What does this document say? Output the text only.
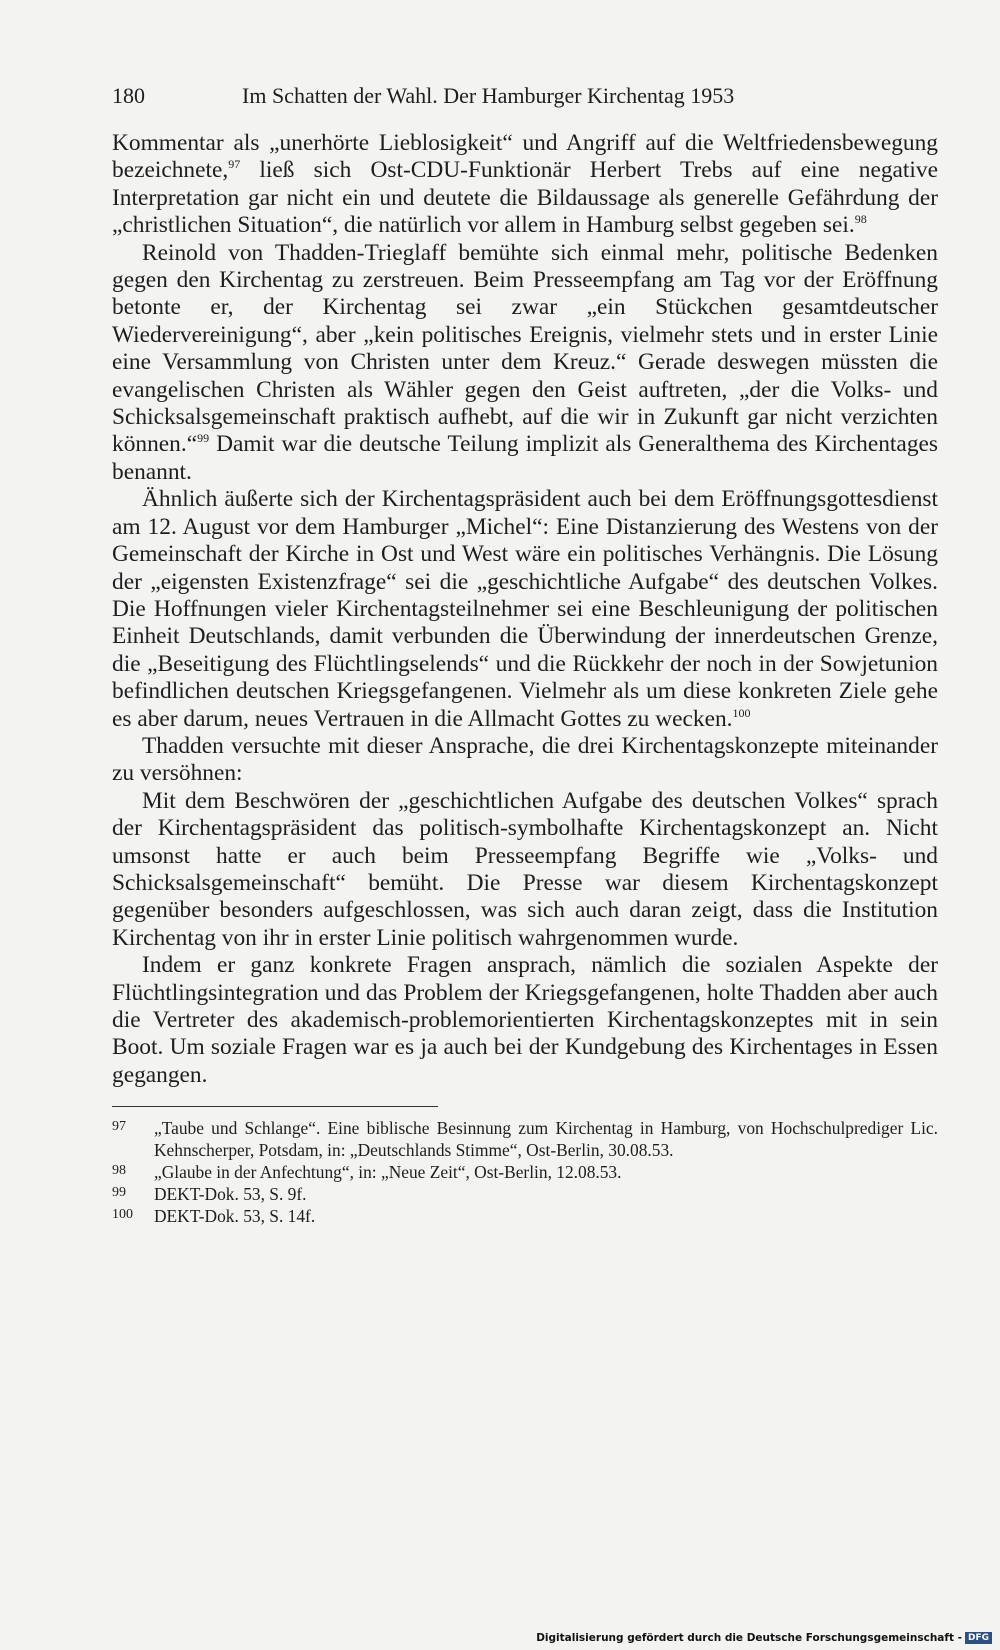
180	Im Schatten der Wahl. Der Hamburger Kirchentag 1953

Kommentar als „unerhörte Lieblosigkeit“ und Angriff auf die Weltfriedensbewegung bezeichnete,$^{97}$ ließ sich Ost-CDU-Funktionär Herbert Trebs auf eine negative Interpretation gar nicht ein und deutete die Bildaussage als generelle Gefährdung der „christlichen Situation“, die natürlich vor allem in Hamburg selbst gegeben sei.$^{98}$

Reinold von Thadden-Trieglaff bemühte sich einmal mehr, politische Bedenken gegen den Kirchentag zu zerstreuen. Beim Presseempfang am Tag vor der Eröffnung betonte er, der Kirchentag sei zwar „ein Stückchen gesamtdeutscher Wiedervereinigung“, aber „kein politisches Ereignis, vielmehr stets und in erster Linie eine Versammlung von Christen unter dem Kreuz.“ Gerade deswegen müssten die evangelischen Christen als Wähler gegen den Geist auftreten, „der die Volks- und Schicksalsgemeinschaft praktisch aufhebt, auf die wir in Zukunft gar nicht verzichten können.“$^{99}$ Damit war die deutsche Teilung implizit als Generalthema des Kirchentages benannt.

Ähnlich äußerte sich der Kirchentagspräsident auch bei dem Eröffnungsgottesdienst am 12. August vor dem Hamburger „Michel“: Eine Distanzierung des Westens von der Gemeinschaft der Kirche in Ost und West wäre ein politisches Verhängnis. Die Lösung der „eigensten Existenzfrage“ sei die „geschichtliche Aufgabe“ des deutschen Volkes. Die Hoffnungen vieler Kirchentagsteilnehmer sei eine Beschleunigung der politischen Einheit Deutschlands, damit verbunden die Überwindung der innerdeutschen Grenze, die „Beseitigung des Flüchtlingselends“ und die Rückkehr der noch in der Sowjetunion befindlichen deutschen Kriegsgefangenen. Vielmehr als um diese konkreten Ziele gehe es aber darum, neues Vertrauen in die Allmacht Gottes zu wecken.$^{100}$

Thadden versuchte mit dieser Ansprache, die drei Kirchentagskonzepte miteinander zu versöhnen:

Mit dem Beschwören der „geschichtlichen Aufgabe des deutschen Volkes“ sprach der Kirchentagspräsident das politisch-symbolhafte Kirchentagskonzept an. Nicht umsonst hatte er auch beim Presseempfang Begriffe wie „Volks- und Schicksalsgemeinschaft“ bemüht. Die Presse war diesem Kirchentagskonzept gegenüber besonders aufgeschlossen, was sich auch daran zeigt, dass die Institution Kirchentag von ihr in erster Linie politisch wahrgenommen wurde.

Indem er ganz konkrete Fragen ansprach, nämlich die sozialen Aspekte der Flüchtlingsintegration und das Problem der Kriegsgefangenen, holte Thadden aber auch die Vertreter des akademisch-problemorientierten Kirchentagskonzeptes mit in sein Boot. Um soziale Fragen war es ja auch bei der Kundgebung des Kirchentages in Essen gegangen.

97 „Taube und Schlange“. Eine biblische Besinnung zum Kirchentag in Hamburg, von Hochschulprediger Lic. Kehnscherper, Potsdam, in: „Deutschlands Stimme“, Ost-Berlin, 30.08.53.
98 „Glaube in der Anfechtung“, in: „Neue Zeit“, Ost-Berlin, 12.08.53.
99 DEKT-Dok. 53, S. 9f.
100 DEKT-Dok. 53, S. 14f.
Digitalisierung gefördert durch die Deutsche Forschungsgemeinschaft - DFG
